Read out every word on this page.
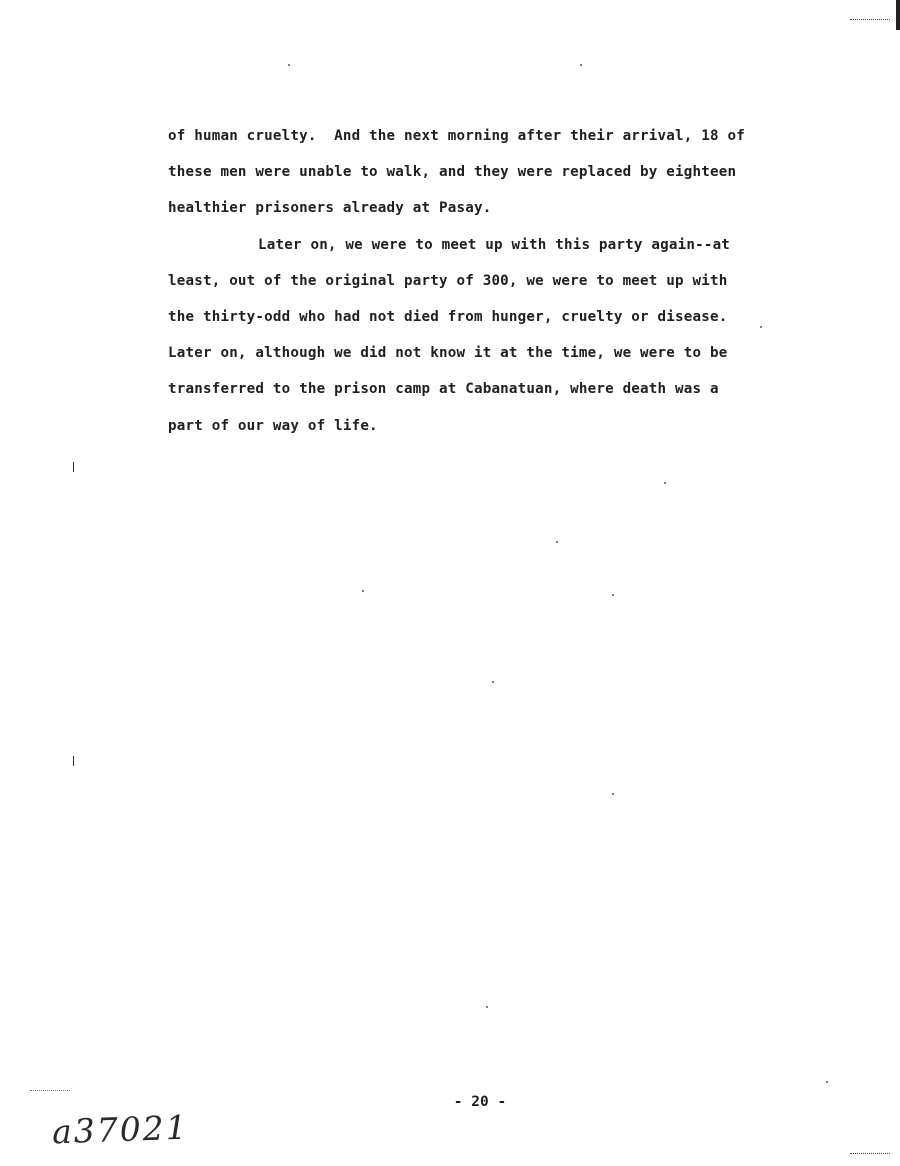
of human cruelty.  And the next morning after their arrival, 18 of
these men were unable to walk, and they were replaced by eighteen
healthier prisoners already at Pasay.
Later on, we were to meet up with this party again--at
least, out of the original party of 300, we were to meet up with
the thirty-odd who had not died from hunger, cruelty or disease.
Later on, although we did not know it at the time, we were to be
transferred to the prison camp at Cabanatuan, where death was a
part of our way of life.
- 20 -
a37021
